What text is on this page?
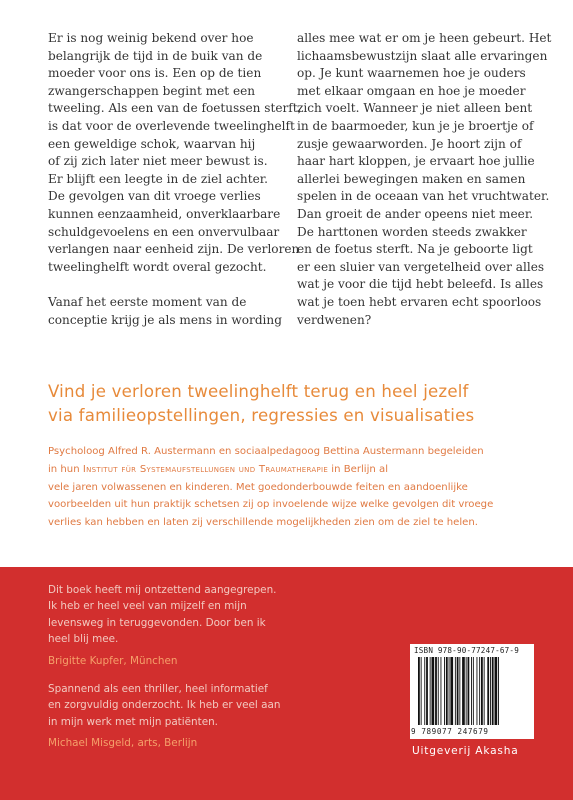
Er is nog weinig bekend over hoe
belangrijk de tijd in de buik van de
moeder voor ons is. Een op de tien
zwangerschappen begint met een
tweeling. Als een van de foetussen sterft,
is dat voor de overlevende tweelinghelft
een geweldige schok, waarvan hij
of zij zich later niet meer bewust is.
Er blijft een leegte in de ziel achter.
De gevolgen van dit vroege verlies
kunnen eenzaamheid, onverklaarbare
schuldgevoelens en een onvervulbaar
verlangen naar eenheid zijn. De verloren
tweelinghelft wordt overal gezocht.
Vanaf het eerste moment van de
conceptie krijg je als mens in wording
alles mee wat er om je heen gebeurt. Het
lichaamsbewustzijn slaat alle ervaringen
op. Je kunt waarnemen hoe je ouders
met elkaar omgaan en hoe je moeder
zich voelt. Wanneer je niet alleen bent
in de baarmoeder, kun je je broertje of
zusje gewaarworden. Je hoort zijn of
haar hart kloppen, je ervaart hoe jullie
allerlei bewegingen maken en samen
spelen in de oceaan van het vruchtwater.
Dan groeit de ander opeens niet meer.
De harttonen worden steeds zwakker
en de foetus sterft. Na je geboorte ligt
er een sluier van vergetelheid over alles
wat je voor die tijd hebt beleefd. Is alles
wat je toen hebt ervaren echt spoorloos
verdwenen?
Vind je verloren tweelinghelft terug en heel jezelf
via familieopstellingen, regressies en visualisaties
Psycholoog Alfred R. Austermann en sociaalpedagoog Bettina Austermann begeleiden
in hun Institut für Systemaufstellungen und Traumatherapie in Berlijn al
vele jaren volwassenen en kinderen. Met goedonderbouwde feiten en aandoenlijke
voorbeelden uit hun praktijk schetsen zij op invoelende wijze welke gevolgen dit vroege
verlies kan hebben en laten zij verschillende mogelijkheden zien om de ziel te helen.
Dit boek heeft mij ontzettend aangegrepen.
Ik heb er heel veel van mijzelf en mijn
levensweg in teruggevonden. Door ben ik
heel blij mee.
Brigitte Kupfer, München
Spannend als een thriller, heel informatief
en zorgvuldig onderzocht. Ik heb er veel aan
in mijn werk met mijn patiënten.
Michael Misgeld, arts, Berlijn
ISBN 978-90-77247-67-9
9 789077 247679
Uitgeverij Akasha
